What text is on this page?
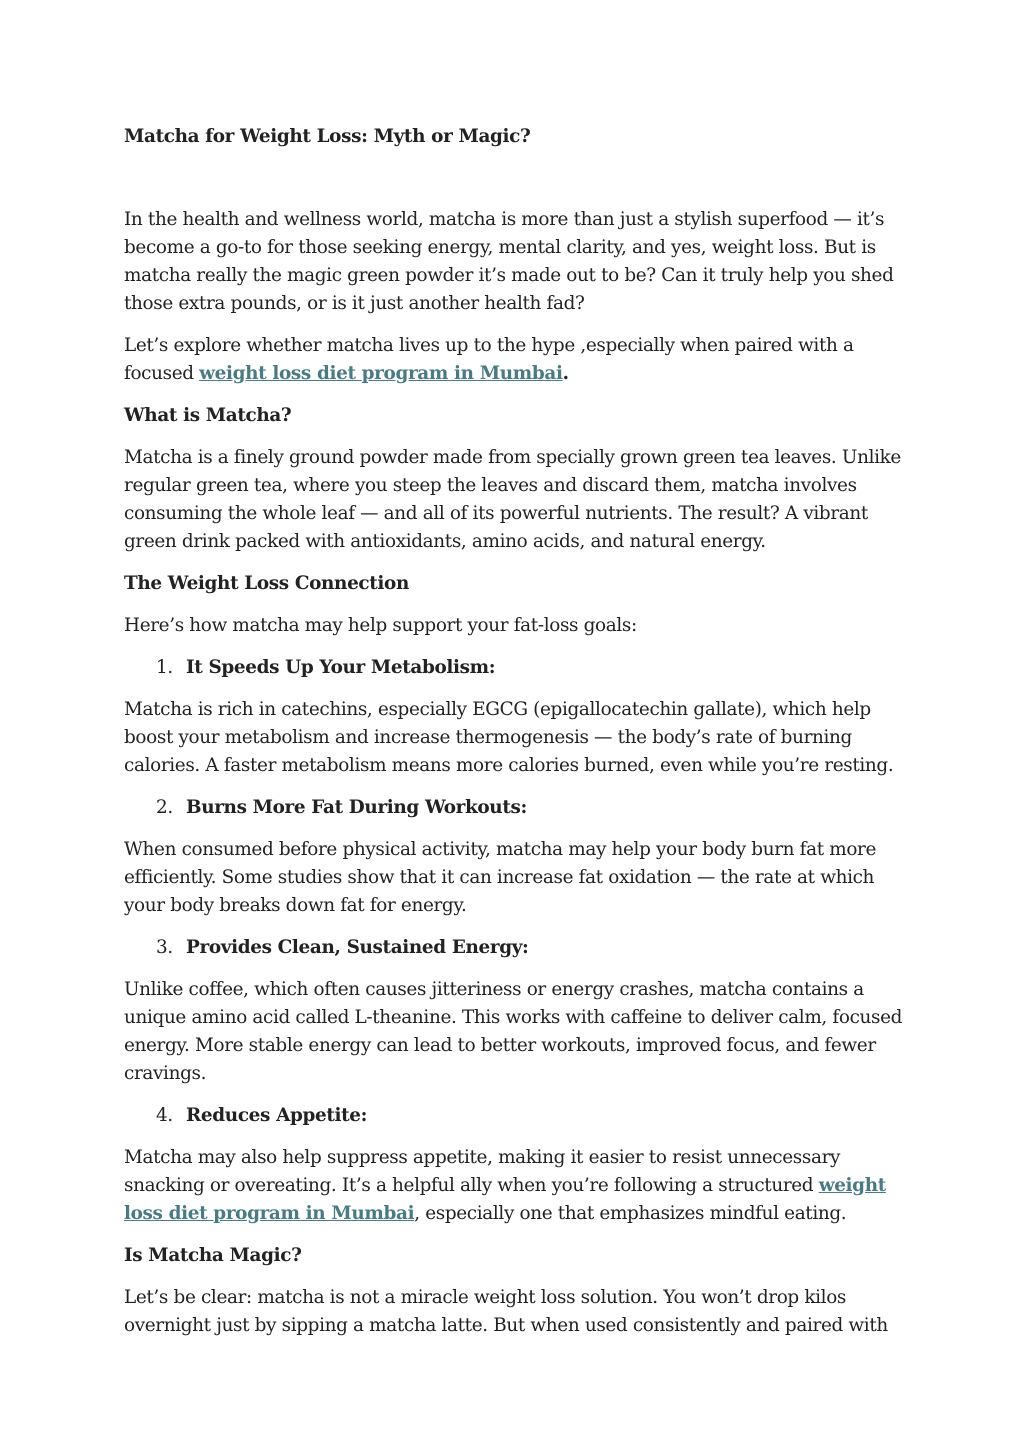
Matcha for Weight Loss: Myth or Magic?

In the health and wellness world, matcha is more than just a stylish superfood — it’s become a go-to for those seeking energy, mental clarity, and yes, weight loss. But is matcha really the magic green powder it’s made out to be? Can it truly help you shed those extra pounds, or is it just another health fad?

Let’s explore whether matcha lives up to the hype ,especially when paired with a focused weight loss diet program in Mumbai.

What is Matcha?

Matcha is a finely ground powder made from specially grown green tea leaves. Unlike regular green tea, where you steep the leaves and discard them, matcha involves consuming the whole leaf — and all of its powerful nutrients. The result? A vibrant green drink packed with antioxidants, amino acids, and natural energy.

The Weight Loss Connection

Here’s how matcha may help support your fat-loss goals:

1. It Speeds Up Your Metabolism:

Matcha is rich in catechins, especially EGCG (epigallocatechin gallate), which help boost your metabolism and increase thermogenesis — the body’s rate of burning calories. A faster metabolism means more calories burned, even while you’re resting.

2. Burns More Fat During Workouts:

When consumed before physical activity, matcha may help your body burn fat more efficiently. Some studies show that it can increase fat oxidation — the rate at which your body breaks down fat for energy.

3. Provides Clean, Sustained Energy:

Unlike coffee, which often causes jitteriness or energy crashes, matcha contains a unique amino acid called L-theanine. This works with caffeine to deliver calm, focused energy. More stable energy can lead to better workouts, improved focus, and fewer cravings.

4. Reduces Appetite:

Matcha may also help suppress appetite, making it easier to resist unnecessary snacking or overeating. It’s a helpful ally when you’re following a structured weight loss diet program in Mumbai, especially one that emphasizes mindful eating.

Is Matcha Magic?

Let’s be clear: matcha is not a miracle weight loss solution. You won’t drop kilos overnight just by sipping a matcha latte. But when used consistently and paired with
